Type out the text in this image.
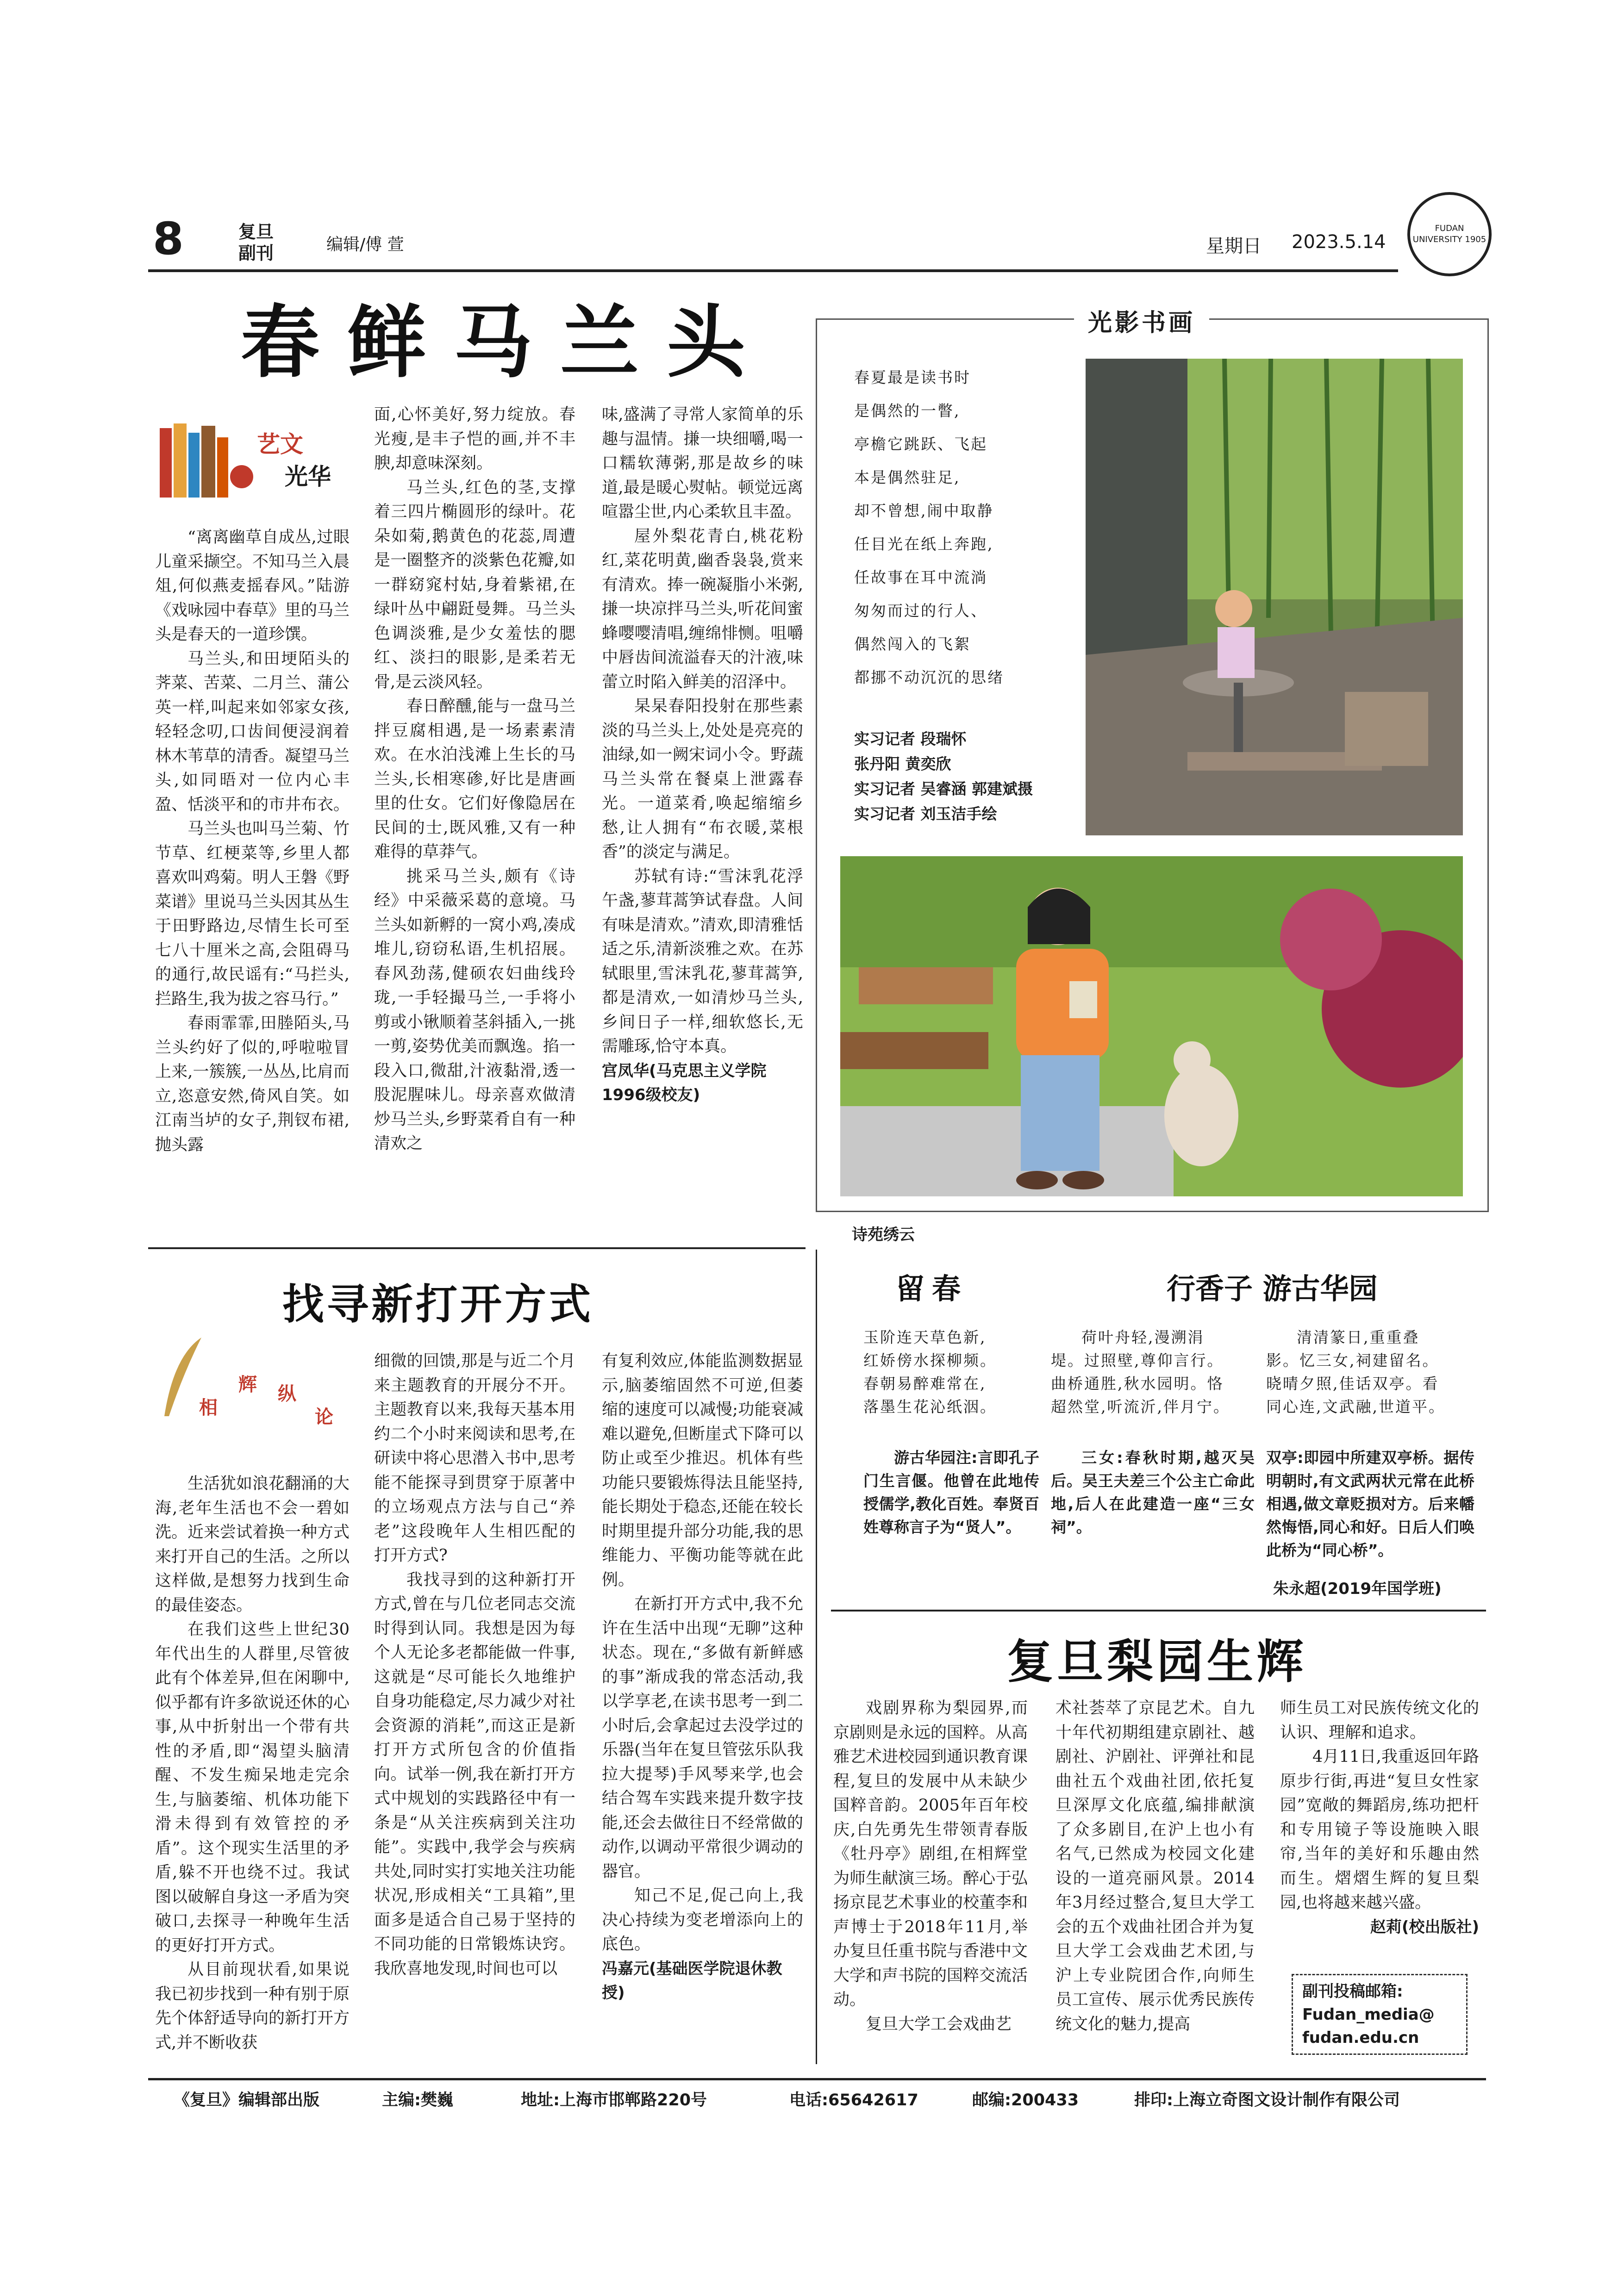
8	复旦
副刊	编辑/傅 萱	星期日 2023.5.14
FUDAN UNIVERSITY 1905
春鲜马兰头
艺文
光华

“离离幽草自成丛,过眼儿童采撷空。不知马兰入晨俎,何似燕麦摇春风。”陆游《戏咏园中春草》里的马兰头是春天的一道珍馔。

马兰头,和田埂陌头的荠菜、苦菜、二月兰、蒲公英一样,叫起来如邻家女孩,轻轻念叨,口齿间便浸润着林木苇草的清香。凝望马兰头,如同晤对一位内心丰盈、恬淡平和的市井布衣。

马兰头也叫马兰菊、竹节草、红梗菜等,乡里人都喜欢叫鸡菊。明人王磐《野菜谱》里说马兰头因其丛生于田野路边,尽情生长可至七八十厘米之高,会阻碍马的通行,故民谣有:“马拦头,拦路生,我为拔之容马行。”

春雨霏霏,田塍陌头,马兰头约好了似的,呼啦啦冒上来,一簇簇,一丛丛,比肩而立,恣意安然,倚风自笑。如江南当垆的女子,荆钗布裙,抛头露

面,心怀美好,努力绽放。春光瘦,是丰子恺的画,并不丰腴,却意味深刻。

马兰头,红色的茎,支撑着三四片椭圆形的绿叶。花朵如菊,鹅黄色的花蕊,周遭是一圈整齐的淡紫色花瓣,如一群窈窕村姑,身着紫裙,在绿叶丛中翩跹曼舞。马兰头色调淡雅,是少女羞怯的腮红、淡扫的眼影,是柔若无骨,是云淡风轻。

春日醉醺,能与一盘马兰拌豆腐相遇,是一场素素清欢。在水泊浅滩上生长的马兰头,长相寒碜,好比是唐画里的仕女。它们好像隐居在民间的士,既风雅,又有一种难得的草莽气。

挑采马兰头,颇有《诗经》中采薇采葛的意境。马兰头如新孵的一窝小鸡,凑成堆儿,窃窃私语,生机招展。春风劲荡,健硕农妇曲线玲珑,一手轻撮马兰,一手将小剪或小锹顺着茎斜插入,一挑一剪,姿势优美而飘逸。掐一段入口,微甜,汁液黏滑,透一股泥腥味儿。母亲喜欢做清炒马兰头,乡野菜肴自有一种清欢之

味,盛满了寻常人家简单的乐趣与温情。搛一块细嚼,喝一口糯软薄粥,那是故乡的味道,最是暖心熨帖。顿觉远离喧嚣尘世,内心柔软且丰盈。

屋外梨花青白,桃花粉红,菜花明黄,幽香袅袅,赏来有清欢。捧一碗凝脂小米粥,搛一块凉拌马兰头,听花间蜜蜂嘤嘤清唱,缠绵悱恻。咀嚼中唇齿间流溢春天的汁液,味蕾立时陷入鲜美的沼泽中。

杲杲春阳投射在那些素淡的马兰头上,处处是亮亮的油绿,如一阙宋词小令。野蔬马兰头常在餐桌上泄露春光。一道菜肴,唤起缩缩乡愁,让人拥有“布衣暖,菜根香”的淡定与满足。

苏轼有诗:“雪沫乳花浮午盏,蓼茸蒿笋试春盘。人间有味是清欢。”清欢,即清雅恬适之乐,清新淡雅之欢。在苏轼眼里,雪沫乳花,蓼茸蒿笋,都是清欢,一如清炒马兰头,乡间日子一样,细软悠长,无需雕琢,恰守本真。

宫凤华(马克思主义学院1996级校友)

光影书画
春夏最是读书时
是偶然的一瞥,
亭檐它跳跃、飞起
本是偶然驻足,
却不曾想,闹中取静
任目光在纸上奔跑,
任故事在耳中流淌
匆匆而过的行人、
偶然闯入的飞絮
都挪不动沉沉的思绪
实习记者 段瑞怀
张丹阳 黄奕欣
实习记者 吴睿涵 郭建斌摄
实习记者 刘玉洁手绘
找寻新打开方式
相
辉 纵
论

生活犹如浪花翻涌的大海,老年生活也不会一碧如洗。近来尝试着换一种方式来打开自己的生活。之所以这样做,是想努力找到生命的最佳姿态。

在我们这些上世纪30年代出生的人群里,尽管彼此有个体差异,但在闲聊中,似乎都有许多欲说还休的心事,从中折射出一个带有共性的矛盾,即“渴望头脑清醒、不发生痴呆地走完余生,与脑萎缩、机体功能下滑未得到有效管控的矛盾”。这个现实生活里的矛盾,躲不开也绕不过。我试图以破解自身这一矛盾为突破口,去探寻一种晚年生活的更好打开方式。

从目前现状看,如果说我已初步找到一种有别于原先个体舒适导向的新打开方式,并不断收获

细微的回馈,那是与近二个月来主题教育的开展分不开。主题教育以来,我每天基本用约二个小时来阅读和思考,在研读中将心思潜入书中,思考能不能探寻到贯穿于原著中的立场观点方法与自己“养老”这段晚年人生相匹配的打开方式?

我找寻到的这种新打开方式,曾在与几位老同志交流时得到认同。我想是因为每个人无论多老都能做一件事,这就是“尽可能长久地维护自身功能稳定,尽力减少对社会资源的消耗”,而这正是新打开方式所包含的价值指向。试举一例,我在新打开方式中规划的实践路径中有一条是“从关注疾病到关注功能”。实践中,我学会与疾病共处,同时实打实地关注功能状况,形成相关“工具箱”,里面多是适合自己易于坚持的不同功能的日常锻炼诀窍。我欣喜地发现,时间也可以

有复利效应,体能监测数据显示,脑萎缩固然不可逆,但萎缩的速度可以减慢;功能衰减难以避免,但断崖式下降可以防止或至少推迟。机体有些功能只要锻炼得法且能坚持,能长期处于稳态,还能在较长时期里提升部分功能,我的思维能力、平衡功能等就在此例。

在新打开方式中,我不允许在生活中出现“无聊”这种状态。现在,“多做有新鲜感的事”渐成我的常态活动,我以学享老,在读书思考一到二小时后,会拿起过去没学过的乐器(当年在复旦管弦乐队我拉大提琴)手风琴来学,也会结合驾车实践来提升数字技能,还会去做往日不经常做的动作,以调动平常很少调动的器官。

知己不足,促己向上,我决心持续为变老增添向上的底色。

冯嘉元(基础医学院退休教授)

诗苑绣云
留春	行香子 游古华园
玉阶连天草色新,
红娇傍水探柳频。
春朝易醉难常在,
落墨生花沁纸洇。
荷叶舟轻,漫溯涓
堤。过照壁,尊仰言行。
曲桥通胜,秋水园明。恪
超然堂,听流沂,伴月宁。
清清篆日,重重叠
影。忆三女,祠建留名。
晓晴夕照,佳话双亭。看
同心连,文武融,世道平。

游古华园注:言即孔子门生言偃。他曾在此地传授儒学,教化百姓。奉贤百姓尊称言子为“贤人”。

三女:春秋时期,越灭吴后。吴王夫差三个公主亡命此地,后人在此建造一座“三女祠”。

双亭:即园中所建双亭桥。据传明朝时,有文武两状元常在此桥相遇,做文章贬损对方。后来幡然悔悟,同心和好。日后人们唤此桥为“同心桥”。

朱永超(2019年国学班)
复旦梨园生辉

戏剧界称为梨园界,而京剧则是永远的国粹。从高雅艺术进校园到通识教育课程,复旦的发展中从未缺少国粹音韵。2005年百年校庆,白先勇先生带领青春版《牡丹亭》剧组,在相辉堂为师生献演三场。醉心于弘扬京昆艺术事业的校董李和声博士于2018年11月,举办复旦任重书院与香港中文大学和声书院的国粹交流活动。

复旦大学工会戏曲艺

术社荟萃了京昆艺术。自九十年代初期组建京剧社、越剧社、沪剧社、评弹社和昆曲社五个戏曲社团,依托复旦深厚文化底蕴,编排献演了众多剧目,在沪上也小有名气,已然成为校园文化建设的一道亮丽风景。2014年3月经过整合,复旦大学工会的五个戏曲社团合并为复旦大学工会戏曲艺术团,与沪上专业院团合作,向师生员工宣传、展示优秀民族传统文化的魅力,提高

师生员工对民族传统文化的认识、理解和追求。

4月11日,我重返回年路原步行街,再进“复旦女性家园”宽敞的舞蹈房,练功把杆和专用镜子等设施映入眼帘,当年的美好和乐趣由然而生。熠熠生辉的复旦梨园,也将越来越兴盛。

赵莉(校出版社)

副刊投稿邮箱:
Fudan_media@
fudan.edu.cn
《复旦》编辑部出版	主编:樊巍	地址:上海市邯郸路220号	电话:65642617	邮编:200433	排印:上海立奇图文设计制作有限公司
